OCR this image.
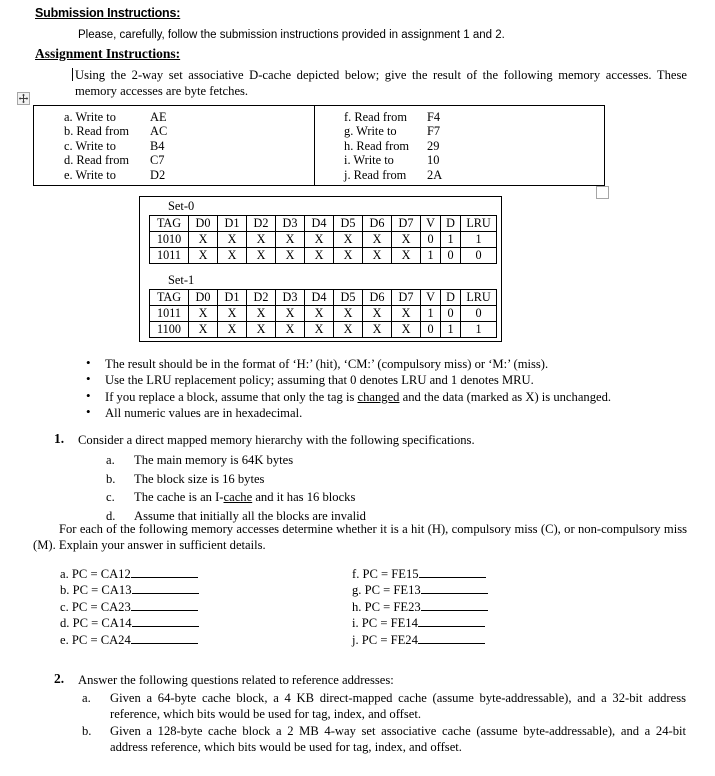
Submission Instructions:
Please, carefully, follow the submission instructions provided in assignment 1 and 2.
Assignment Instructions:
Using the 2-way set associative D-cache depicted below; give the result of the following memory accesses. These memory accesses are byte fetches.
a. Write to	AE
b. Read from AC
c. Write to	B4
d. Read from C7
e. Write to	D2
f. Read from F4
g. Write to F7
h. Read from 29
i. Write to	10
j. Read from 2A
Set-0
TAG	D0	D1	D2	D3	D4	D5	D6	D7	V	D	LRU
1010	X	X	X	X	X	X	X	X	0	1	1
1011	X	X	X	X	X	X	X	X	1	0	0
Set-1
TAG	D0	D1	D2	D3	D4	D5	D6	D7	V	D	LRU
1011	X	X	X	X	X	X	X	X	1	0	0
1100	X	X	X	X	X	X	X	X	0	1	1
• The result should be in the format of ‘H:’ (hit), ‘CM:’ (compulsory miss) or ‘M:’ (miss).
• Use the LRU replacement policy; assuming that 0 denotes LRU and 1 denotes MRU.
• If you replace a block, assume that only the tag is changed and the data (marked as X) is unchanged.
• All numeric values are in hexadecimal.
1. Consider a direct mapped memory hierarchy with the following specifications.
a.	The main memory is 64K bytes
b.	The block size is 16 bytes
c.	The cache is an I-cache and it has 16 blocks
d.	Assume that initially all the blocks are invalid
For each of the following memory accesses determine whether it is a hit (H), compulsory miss (C), or non-compulsory miss (M). Explain your answer in sufficient details.
a. PC = CA12
b. PC = CA13
c. PC = CA23
d. PC = CA14
e. PC = CA24
f. PC = FE15
g. PC = FE13
h. PC = FE23
i. PC = FE14
j. PC = FE24
2. Answer the following questions related to reference addresses:
a.	Given a 64-byte cache block, a 4 KB direct-mapped cache (assume byte-addressable), and a 32-bit address reference, which bits would be used for tag, index, and offset.
b.	Given a 128-byte cache block a 2 MB 4-way set associative cache (assume byte-addressable), and a 24-bit address reference, which bits would be used for tag, index, and offset.
